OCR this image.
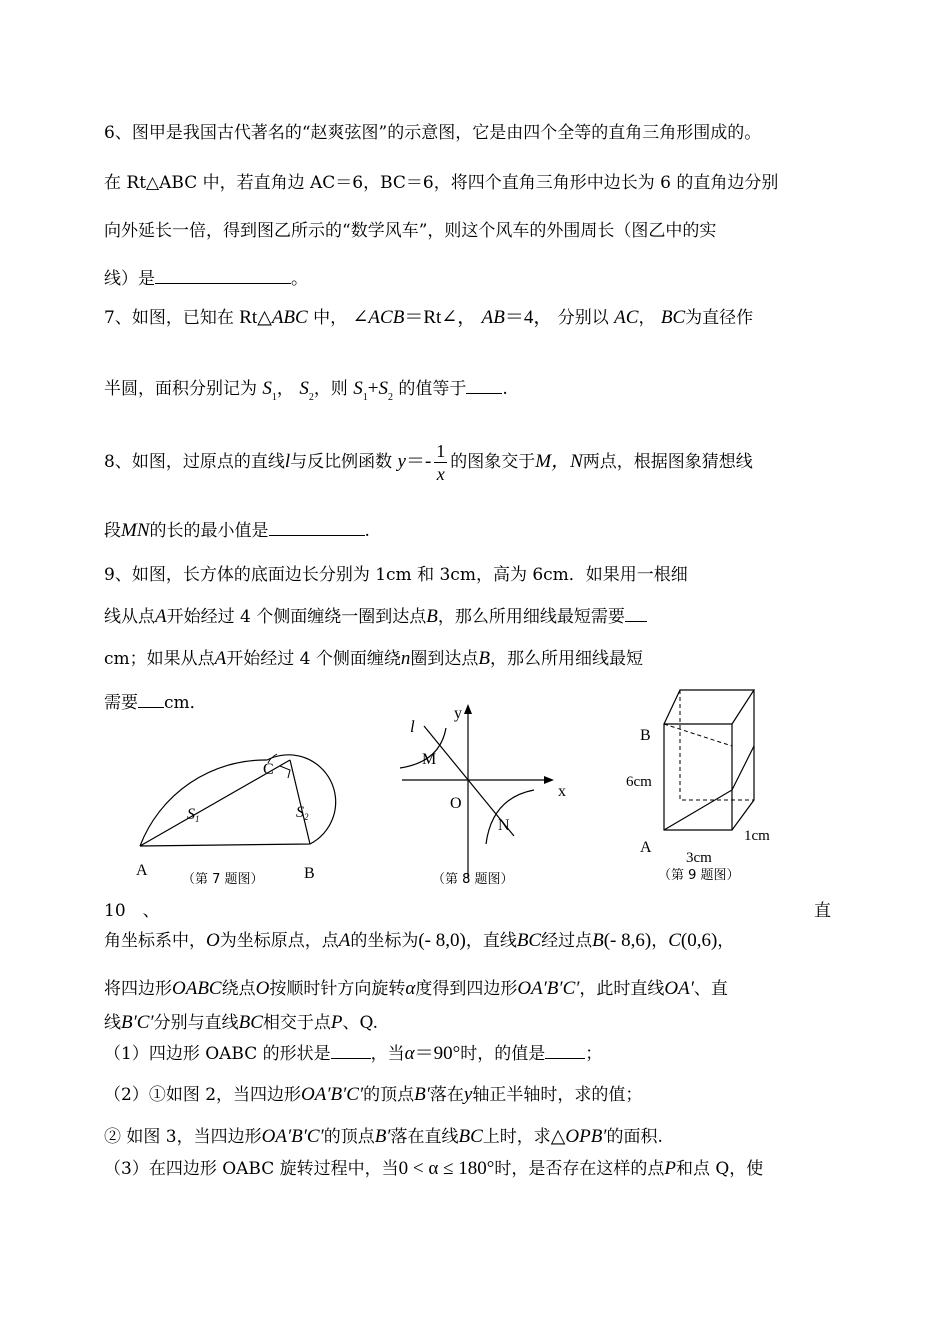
6、图甲是我国古代著名的“赵爽弦图”的示意图，它是由四个全等的直角三角形围成的。
在 Rt△ABC 中，若直角边 AC＝6，BC＝6，将四个直角三角形中边长为 6 的直角边分别
向外延长一倍，得到图乙所示的“数学风车”，则这个风车的外围周长（图乙中的实
线）是	。
7、如图，已知在 Rt△ABC 中， ∠ACB＝Rt∠， AB＝4， 分别以 AC， BC为直径作
半圆，面积分别记为 $S_1$， $S_2$，则 $S_1+S_2$ 的值等于 .
8、如图，过原点的直线l与反比例函数 $y=- \frac{1}{x}$ 的图象交于M，N两点，根据图象猜想线
段MN的长的最小值是	.
9、如图，长方体的底面边长分别为 1cm 和 3cm，高为 6cm．如果用一根细
线从点A开始经过 4 个侧面缠绕一圈到达点B，那么所用细线最短需要
cm；如果从点A开始经过 4 个侧面缠绕n圈到达点B，那么所用细线最短
需要 cm．
A	B
C
S1	S2
（第 7 题图）
y
x
l
M
N
O
（第 8 题图）
B
A
6cm
1cm
3cm
（第 9 题图）
10　、	直
角坐标系中，O为坐标原点，点A的坐标为(- 8,0)，直线BC经过点B(- 8,6)，C(0,6)，
将四边形OABC绕点O按顺时针方向旋转α度得到四边形OA′B′C′，此时直线OA′、直
线B′C′分别与直线BC相交于点P、Q.
（1）四边形 OABC 的形状是 ，当α＝90°时，的值是 ；
（2）①如图 2，当四边形OA′B′C′的顶点B′落在y轴正半轴时，求的值；
② 如图 3，当四边形OA′B′C′的顶点B′落在直线BC上时，求△OPB′的面积.
（3）在四边形 OABC 旋转过程中，当0 < α ≤ 180°时，是否存在这样的点P和点 Q，使
